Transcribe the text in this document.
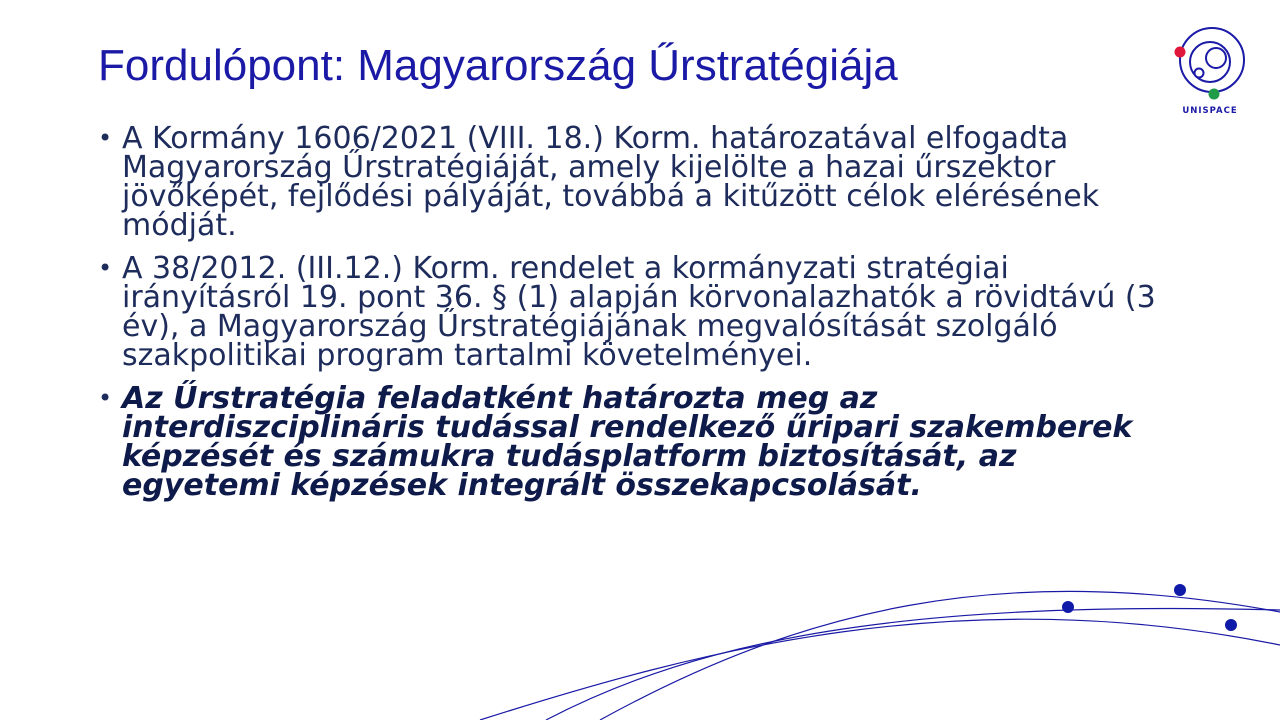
Fordulópont: Magyarország Űrstratégiája
UNISPACE
• A Kormány 1606/2021 (VIII. 18.) Korm. határozatával elfogadta Magyarország Űrstratégiáját, amely kijelölte a hazai űrszektor jövőképét, fejlődési pályáját, továbbá a kitűzött célok elérésének módját.
• A 38/2012. (III.12.) Korm. rendelet a kormányzati stratégiai irányításról 19. pont 36. § (1) alapján körvonalazhatók a rövidtávú (3 év), a Magyarország Űrstratégiájának megvalósítását szolgáló szakpolitikai program tartalmi követelményei.
• Az Űrstratégia feladatként határozta meg az interdiszciplináris tudással rendelkező űripari szakemberek képzését és számukra tudásplatform biztosítását, az egyetemi képzések integrált összekapcsolását.
